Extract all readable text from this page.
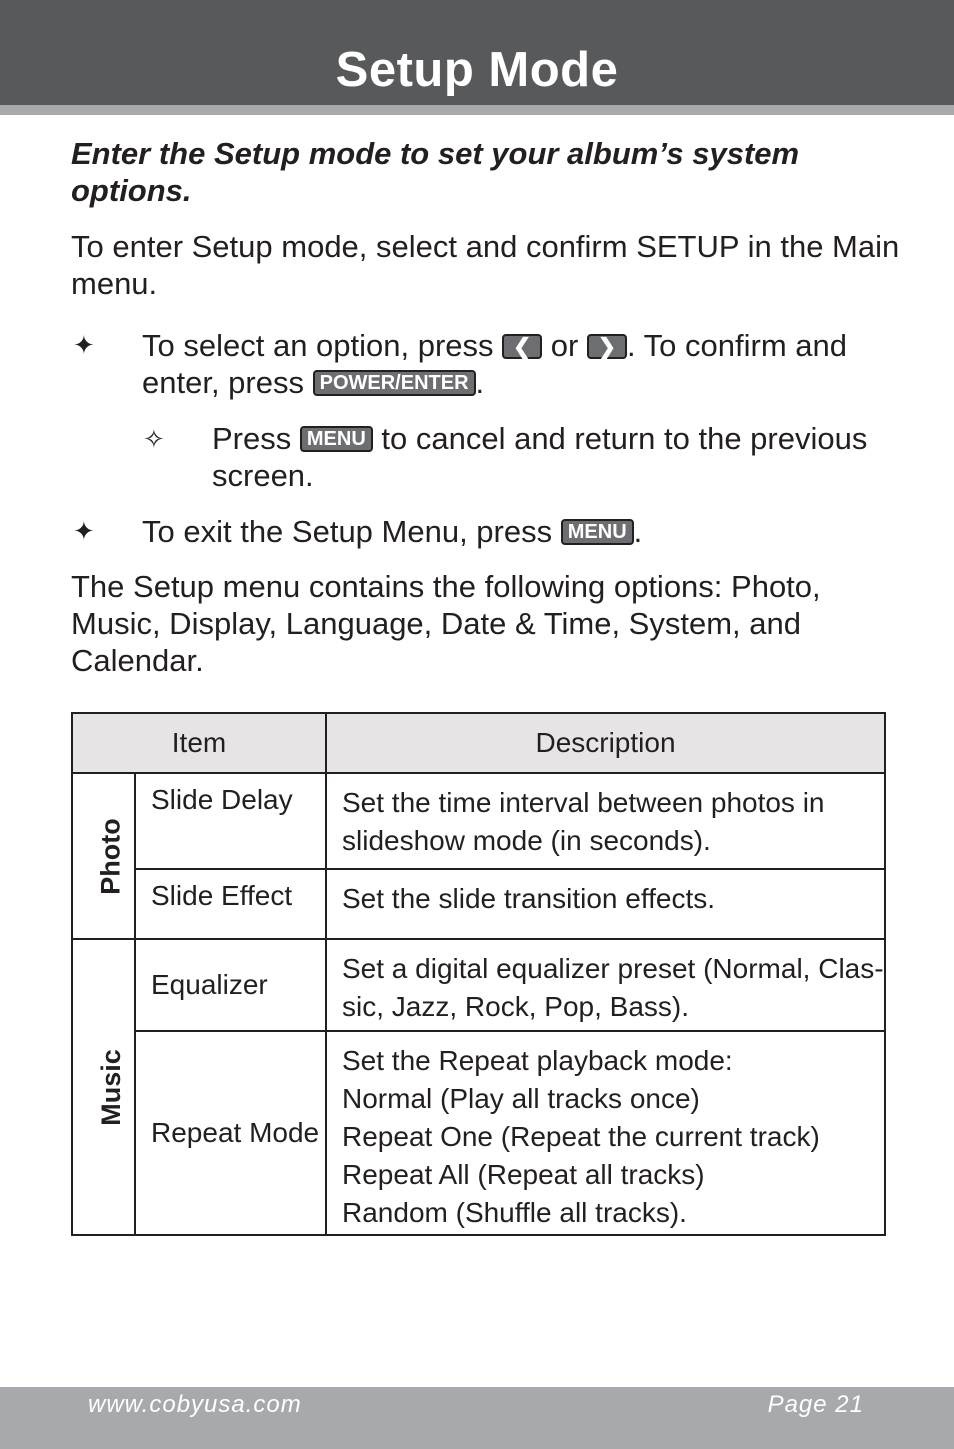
Setup Mode
Enter the Setup mode to set your album’s system options.
To enter Setup mode, select and confirm SETUP in the Main menu.
✦ To select an option, press ❮ or ❯ . To confirm and enter, press POWER/ENTER .
✧ Press MENU to cancel and return to the previous screen.
✦ To exit the Setup Menu, press MENU .
The Setup menu contains the following options: Photo, Music, Display, Language, Date & Time, System, and Calendar.
Item		Description
Photo	Slide Delay	Set the time interval between photos in
slideshow mode (in seconds).

	Slide Effect	Set the slide transition effects.

Music	Equalizer	Set a digital equalizer preset (Normal, Clas-
sic, Jazz, Rock, Pop, Bass).

	Repeat Mode	Set the Repeat playback mode:
Normal (Play all tracks once)
Repeat One (Repeat the current track)
Repeat All (Repeat all tracks)
Random (Shuffle all tracks).
www.cobyusa.com	Page 21
